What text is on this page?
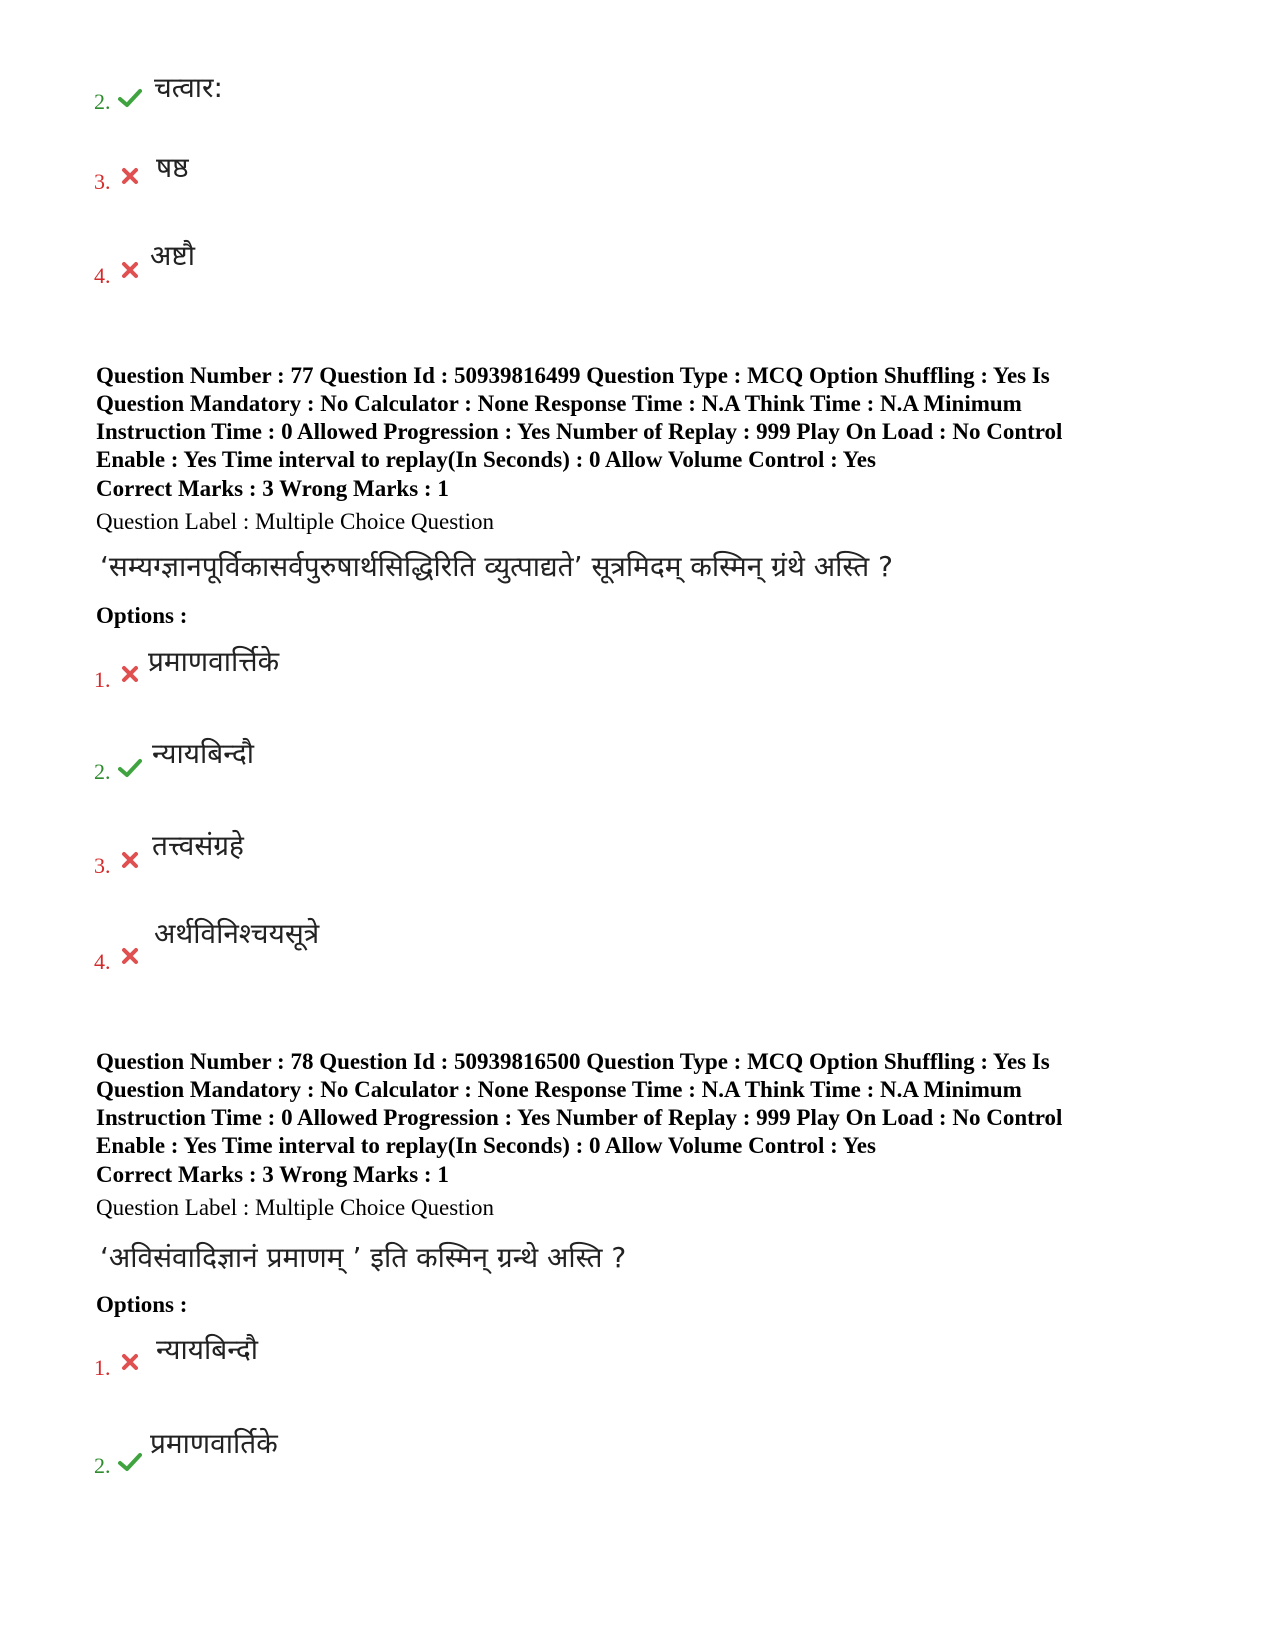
2. चत्वार:
3. षष्ठ
4.
अष्टौ
Question Number : 77 Question Id : 50939816499 Question Type : MCQ Option Shuffling : Yes Is
Question Mandatory : No Calculator : None Response Time : N.A Think Time : N.A Minimum
Instruction Time : 0 Allowed Progression : Yes Number of Replay : 999 Play On Load : No Control
Enable : Yes Time interval to replay(In Seconds) : 0 Allow Volume Control : Yes
Correct Marks : 3 Wrong Marks : 1
Question Label : Multiple Choice Question
‘सम्यग्ज्ञानपूर्विकासर्वपुरुषार्थसिद्धिरिति व्युत्पाद्यते’ सूत्रमिदम् कस्मिन् ग्रंथे अस्ति ?
Options :
1.
प्रमाणवार्त्तिके
2.
न्यायबिन्दौ
3.
तत्त्वसंग्रहे
4.
अर्थविनिश्चयसूत्रे
Question Number : 78 Question Id : 50939816500 Question Type : MCQ Option Shuffling : Yes Is
Question Mandatory : No Calculator : None Response Time : N.A Think Time : N.A Minimum
Instruction Time : 0 Allowed Progression : Yes Number of Replay : 999 Play On Load : No Control
Enable : Yes Time interval to replay(In Seconds) : 0 Allow Volume Control : Yes
Correct Marks : 3 Wrong Marks : 1
Question Label : Multiple Choice Question
‘अविसंवादिज्ञानं प्रमाणम् ’ इति कस्मिन् ग्रन्थे अस्ति ?
Options :
1.
न्यायबिन्दौ
2.
प्रमाणवार्तिके
